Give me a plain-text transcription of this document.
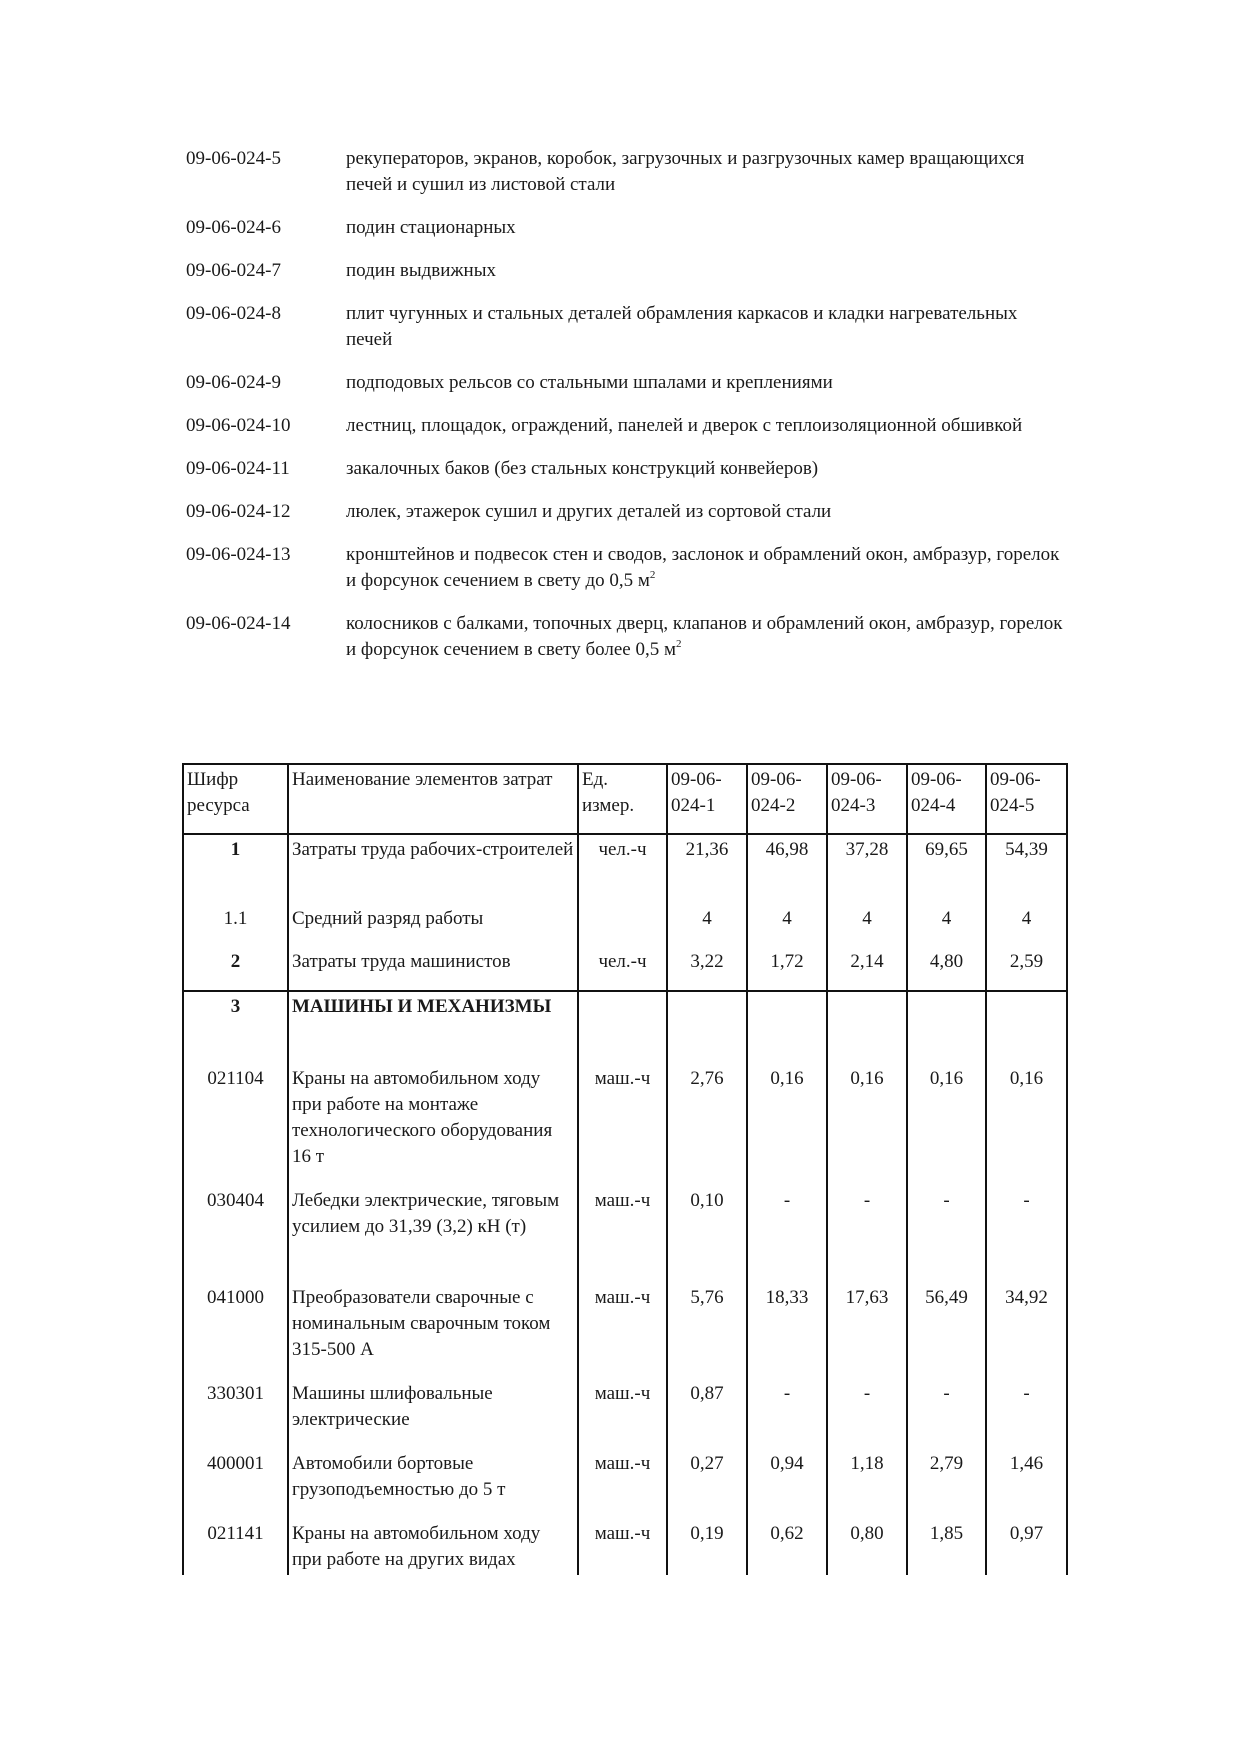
09-06-024-5	рекуператоров, экранов, коробок, загрузочных и разгрузочных камер вращающихся печей и сушил из листовой стали
09-06-024-6	подин стационарных
09-06-024-7	подин выдвижных
09-06-024-8	плит чугунных и стальных деталей обрамления каркасов и кладки нагревательных печей
09-06-024-9	подподовых рельсов со стальными шпалами и креплениями
09-06-024-10	лестниц, площадок, ограждений, панелей и дверок с теплоизоляционной обшивкой
09-06-024-11	закалочных баков (без стальных конструкций конвейеров)
09-06-024-12	люлек, этажерок сушил и других деталей из сортовой стали
09-06-024-13	кронштейнов и подвесок стен и сводов, заслонок и обрамлений окон, амбразур, горелок и форсунок сечением в свету до 0,5 $м^2$
09-06-024-14	колосников с балками, топочных дверц, клапанов и обрамлений окон, амбразур, горелок и форсунок сечением в свету более 0,5 $м^2$
Шифр ресурса	Наименование элементов затрат	Ед. измер.	09-06-024-1	09-06-024-2	09-06-024-3	09-06-024-4	09-06-024-5
1	Затраты труда рабочих-строителей	чел.-ч	21,36	46,98	37,28	69,65	54,39
1.1	Средний разряд работы		4	4	4	4	4
2	Затраты труда машинистов	чел.-ч	3,22	1,72	2,14	4,80	2,59
3	МАШИНЫ И МЕХАНИЗМЫ						
021104	Краны на автомобильном ходу при работе на монтаже технологического оборудования 16 т	маш.-ч	2,76	0,16	0,16	0,16	0,16
030404	Лебедки электрические, тяговым усилием до 31,39 (3,2) кН (т)	маш.-ч	0,10	-	-	-	-
041000	Преобразователи сварочные с номинальным сварочным током 315-500 А	маш.-ч	5,76	18,33	17,63	56,49	34,92
330301	Машины шлифовальные электрические	маш.-ч	0,87	-	-	-	-
400001	Автомобили бортовые грузоподъемностью до 5 т	маш.-ч	0,27	0,94	1,18	2,79	1,46
021141	Краны на автомобильном ходу при работе на других видах	маш.-ч	0,19	0,62	0,80	1,85	0,97
